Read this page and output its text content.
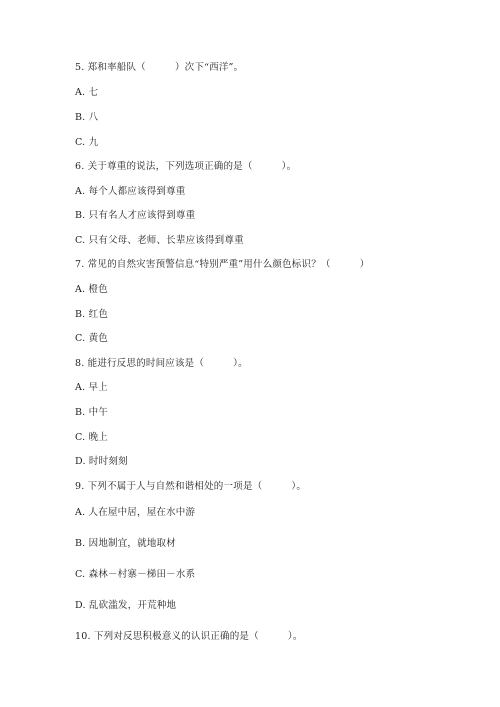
5. 郑和率船队（　　　）次下“西洋”。
A. 七
B. 八
C. 九
6. 关于尊重的说法，下列选项正确的是（　　　）。
A. 每个人都应该得到尊重
B. 只有名人才应该得到尊重
C. 只有父母、老师、长辈应该得到尊重
7. 常见的自然灾害预警信息“特别严重”用什么颜色标识？（　　　）
A. 橙色
B. 红色
C. 黄色
8. 能进行反思的时间应该是（　　　）。
A. 早上
B. 中午
C. 晚上
D. 时时刻刻
9. 下列不属于人与自然和谐相处的一项是（　　　）。
A. 人在屋中居，屋在水中游
B. 因地制宜，就地取材
C. 森林－村寨－梯田－水系
D. 乱砍滥发，开荒种地
10. 下列对反思积极意义的认识正确的是（　　　）。
